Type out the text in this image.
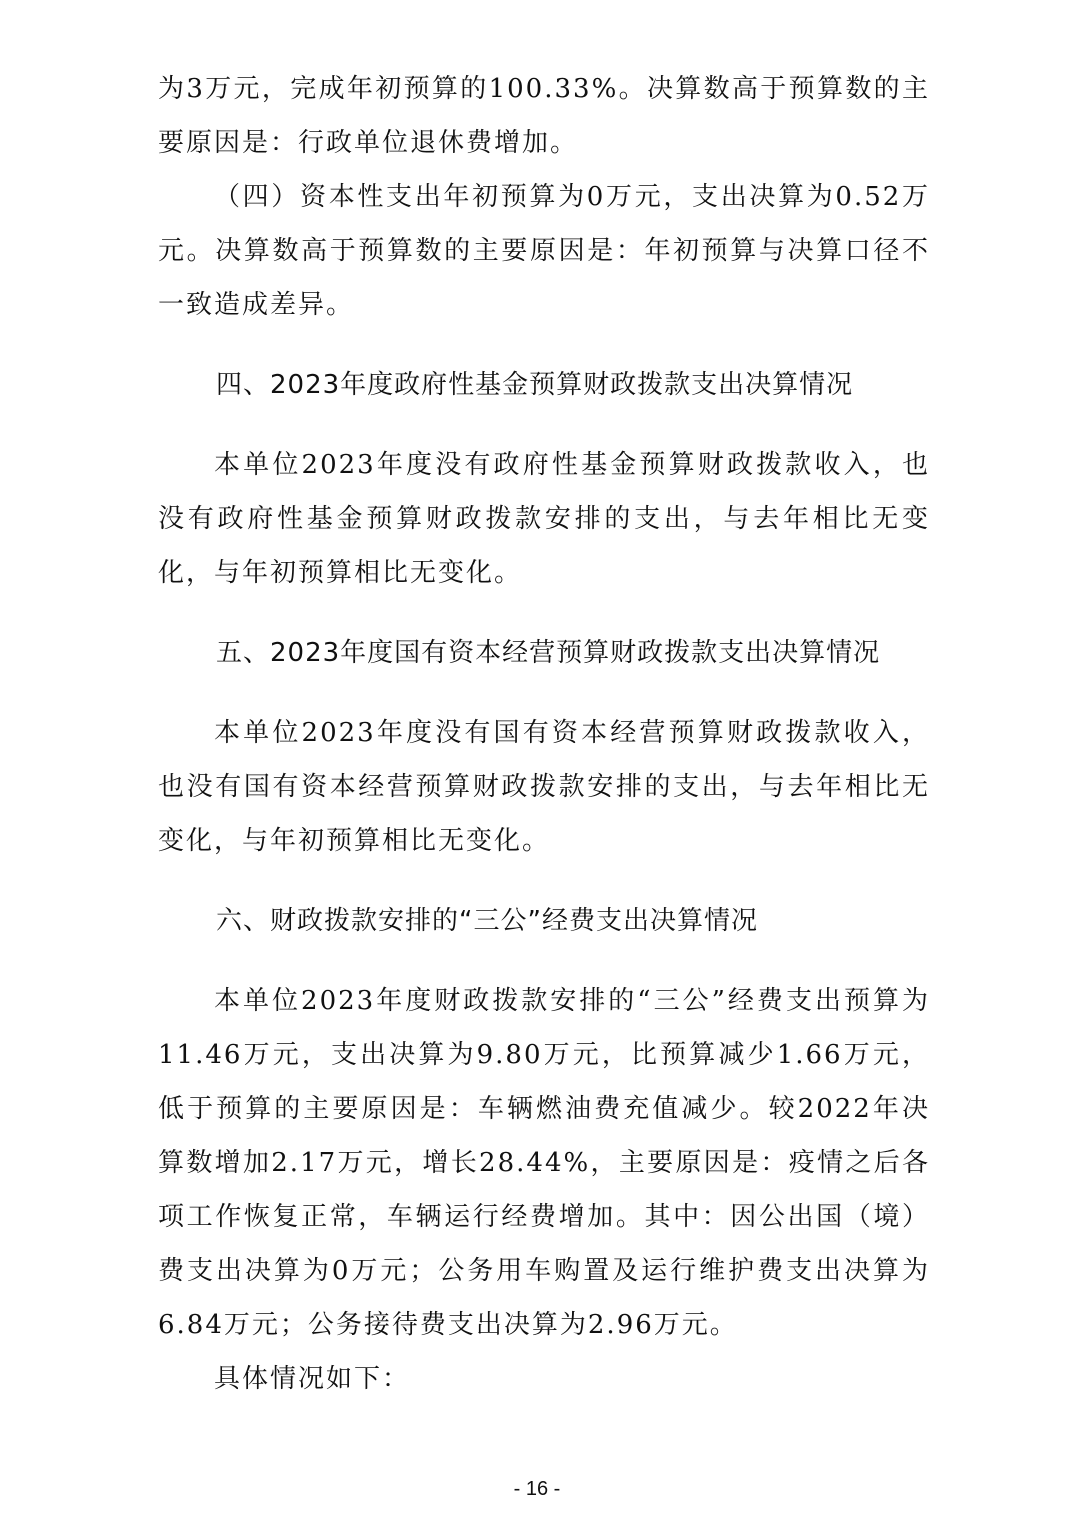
为3万元，完成年初预算的100.33%。决算数高于预算数的主要原因是：行政单位退休费增加。

（四）资本性支出年初预算为0万元，支出决算为0.52万元。决算数高于预算数的主要原因是：年初预算与决算口径不一致造成差异。

四、2023年度政府性基金预算财政拨款支出决算情况

本单位2023年度没有政府性基金预算财政拨款收入，也没有政府性基金预算财政拨款安排的支出，与去年相比无变化，与年初预算相比无变化。

五、2023年度国有资本经营预算财政拨款支出决算情况

本单位2023年度没有国有资本经营预算财政拨款收入，也没有国有资本经营预算财政拨款安排的支出，与去年相比无变化，与年初预算相比无变化。

六、财政拨款安排的“三公”经费支出决算情况

本单位2023年度财政拨款安排的“三公”经费支出预算为11.46万元，支出决算为9.80万元，比预算减少1.66万元，低于预算的主要原因是：车辆燃油费充值减少。较2022年决算数增加2.17万元，增长28.44%，主要原因是：疫情之后各项工作恢复正常，车辆运行经费增加。其中：因公出国（境）费支出决算为0万元；公务用车购置及运行维护费支出决算为6.84万元；公务接待费支出决算为2.96万元。

具体情况如下：

- 16 -
